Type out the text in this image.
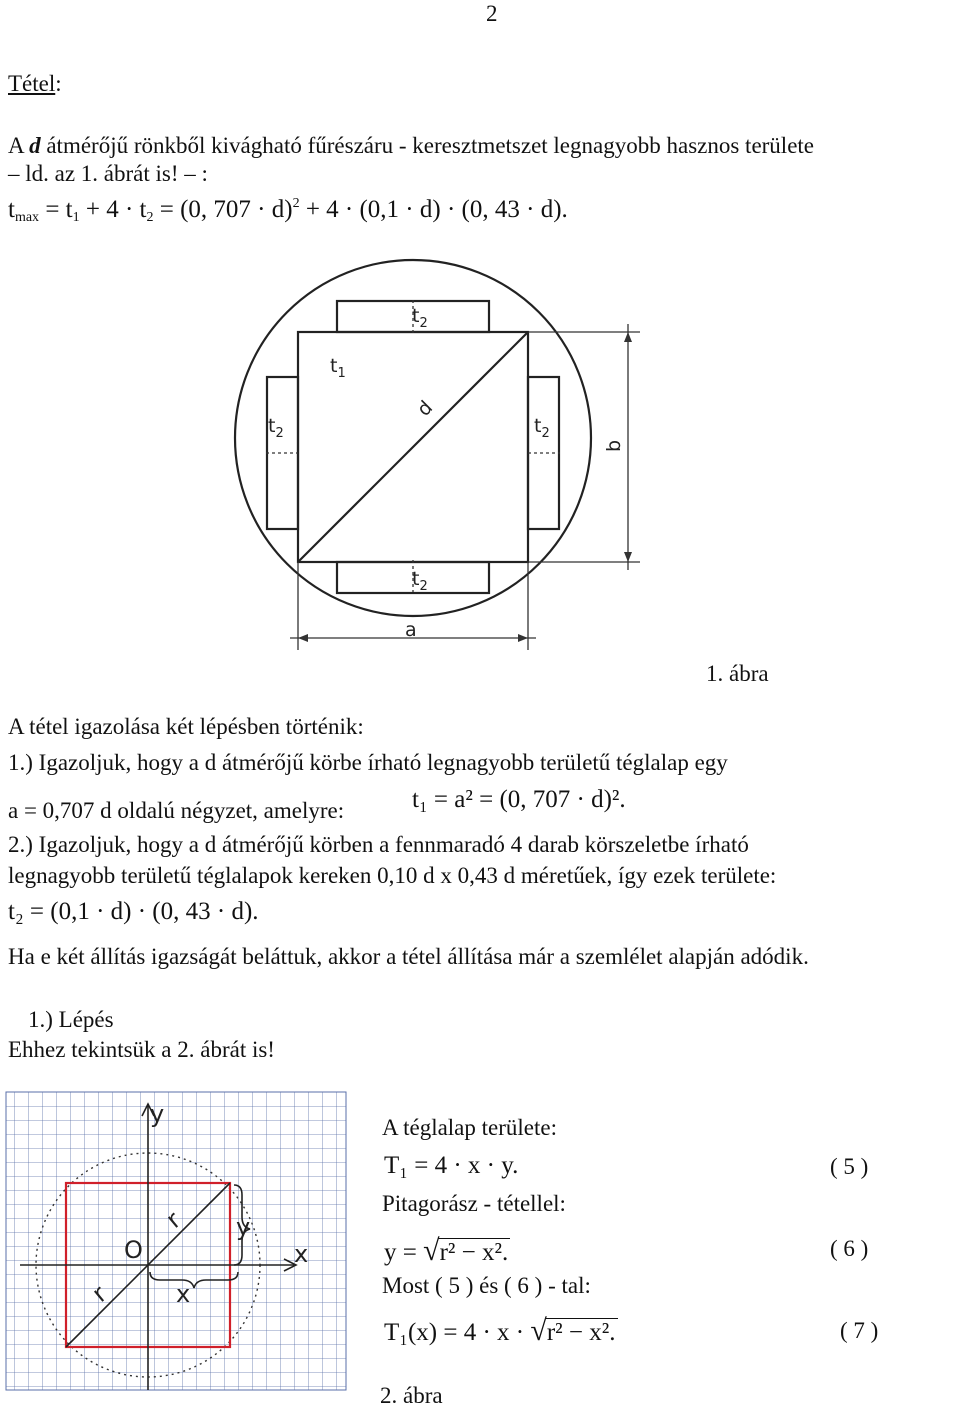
2
Tétel:
A d átmérőjű rönkből kivágható fűrészáru - keresztmetszet legnagyobb hasznos területe
– ld. az 1. ábrát is! – :
$t_{max} = t_1 + 4 \cdot t_2 = (0$, 707 · d)$^2$ + 4 · (0,1 · d) · (0, 43 · d).
$t_2$
$t_2$
$t_2$	$t_2$
$t_1$
d
a
b
1. ábra
A tétel igazolása két lépésben történik:
1.) Igazoljuk, hogy a d átmérőjű körbe írható legnagyobb területű téglalap egy
a = 0,707 d oldalú négyzet, amelyre:	t₁ = a² = (0, 707 · d)².
2.) Igazoljuk, hogy a d átmérőjű körben a fennmaradó 4 darab körszeletbe írható
legnagyobb területű téglalapok kereken 0,10 d x 0,43 d méretűek, így ezek területe:
t₂ = (0,1 · d) · (0, 43 · d).
Ha e két állítás igazságát beláttuk, akkor a tétel állítása már a szemlélet alapján adódik.
1.) Lépés
Ehhez tekintsük a 2. ábrát is!
y
x
O
r
r	x
y
A téglalap területe:
T₁ = 4 · x · y.	( 5 )
Pitagorász - tétellel:
y = √r² − x².	( 6 )
Most ( 5 ) és ( 6 ) - tal:
T₁(x) = 4 · x · √r² − x².	( 7 )
2. ábra
